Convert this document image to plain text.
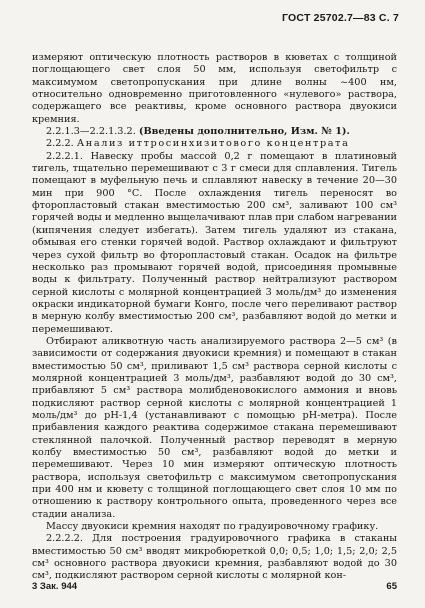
ГОСТ 25702.7—83 С. 7

измеряют оптическую плотность растворов в кюветах с толщиной поглощающего свет слоя 50 мм, используя светофильтр с максимумом светопропускания при длине волны ~400 нм, относительно одновременно приготовленного «нулевого» раствора, содержащего все реактивы, кроме основного раствора двуокиси кремния.

2.2.1.3—2.2.1.3.2. (Введены дополнительно, Изм. № 1).

2.2.2. Анализ иттросинхизитового концентрата

2.2.2.1. Навеску пробы массой 0,2 г помещают в платиновый тигель, тщательно перемешивают с 3 г смеси для сплавления. Тигель помещают в муфельную печь и сплавляют навеску в течение 20—30 мин при 900 °С. После охлаждения тигель переносят во фторопластовый стакан вместимостью 200 см³, заливают 100 см³ горячей воды и медленно выщелачивают плав при слабом нагревании (кипячения следует избегать). Затем тигель удаляют из стакана, обмывая его стенки горячей водой. Раствор охлаждают и фильтруют через сухой фильтр во фторопластовый стакан. Осадок на фильтре несколько раз промывают горячей водой, присоединяя промывные воды к фильтрату. Полученный раствор нейтрализуют раствором серной кислоты с молярной концентрацией 3 моль/дм³ до изменения окраски индикаторной бумаги Конго, после чего переливают раствор в мерную колбу вместимостью 200 см³, разбавляют водой до метки и перемешивают.

Отбирают аликвотную часть анализируемого раствора 2—5 см³ (в зависимости от содержания двуокиси кремния) и помещают в стакан вместимостью 50 см³, приливают 1,5 см³ раствора серной кислоты с молярной концентрацией 3 моль/дм³, разбавляют водой до 30 см³, прибавляют 5 см³ раствора молибденовокислого аммония и вновь подкисляют раствор серной кислоты с молярной концентрацией 1 моль/дм³ до рН-1,4 (устанавливают с помощью рН-метра). После прибавления каждого реактива содержимое стакана перемешивают стеклянной палочкой. Полученный раствор переводят в мерную колбу вместимостью 50 см³, разбавляют водой до метки и перемешивают. Через 10 мин измеряют оптическую плотность раствора, используя светофильтр с максимумом светопропускания при 400 нм и кювету с толщиной поглощающего свет слоя 10 мм по отношению к раствору контрольного опыта, проведенного через все стадии анализа.

Массу двуокиси кремния находят по градуировочному графику.

2.2.2.2. Для построения градуировочного графика в стаканы вместимостью 50 см³ вводят микробюреткой 0,0; 0,5; 1,0; 1,5; 2,0; 2,5 см³ основного раствора двуокиси кремния, разбавляют водой до 30 см³, подкисляют раствором серной кислоты с молярной кон-

3 Зак. 944	65
